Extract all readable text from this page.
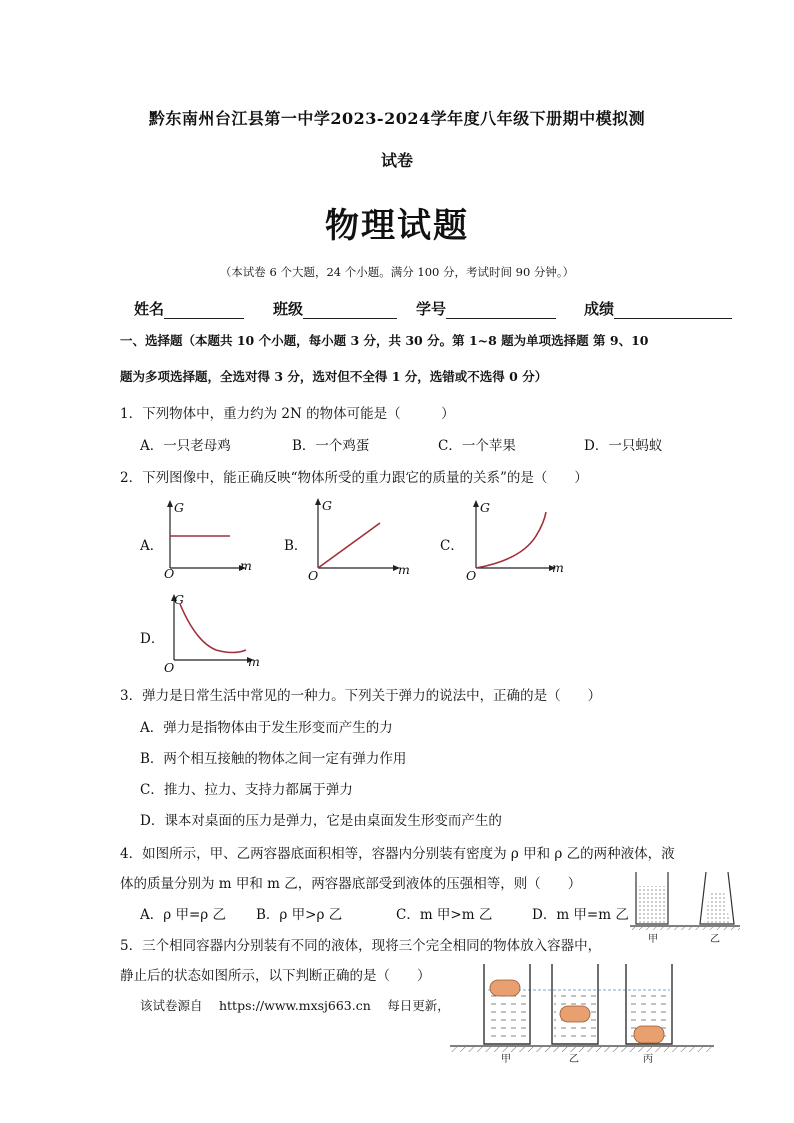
黔东南州台江县第一中学2023-2024学年度八年级下册期中模拟测
试卷
物理试题
（本试卷 6 个大题，24 个小题。满分 100 分，考试时间 90 分钟。）
姓名	班级	学号	成绩
一、选择题（本题共 10 个小题，每小题 3 分，共 30 分。第 1~8 题为单项选择题 第 9、10
题为多项选择题，全选对得 3 分，选对但不全得 1 分，选错或不选得 0 分）
1．下列物体中，重力约为 2N 的物体可能是（　　　）
A．一只老母鸡	B．一个鸡蛋	C．一个苹果	D．一只蚂蚁
2．下列图像中，能正确反映“物体所受的重力跟它的质量的关系”的是（　　）
A．
G
m
O
B．
G
m
O
C．
G
m
O
D．
G
m
O
3．弹力是日常生活中常见的一种力。下列关于弹力的说法中，正确的是（　　）
A．弹力是指物体由于发生形变而产生的力
B．两个相互接触的物体之间一定有弹力作用
C．推力、拉力、支持力都属于弹力
D．课本对桌面的压力是弹力，它是由桌面发生形变而产生的
4．如图所示，甲、乙两容器底面积相等，容器内分别装有密度为 ρ 甲和 ρ 乙的两种液体，液
体的质量分别为 m 甲和 m 乙，两容器底部受到液体的压强相等，则（　　）
A．ρ 甲=ρ 乙 B．ρ 甲>ρ 乙	C．m 甲>m 乙	D．m 甲=m 乙
甲	乙
5．三个相同容器内分别装有不同的液体，现将三个完全相同的物体放入容器中，
静止后的状态如图所示，以下判断正确的是（　　）
该试卷源自　 https://www.mxsj663.cn　 每日更新，
甲	乙	丙
